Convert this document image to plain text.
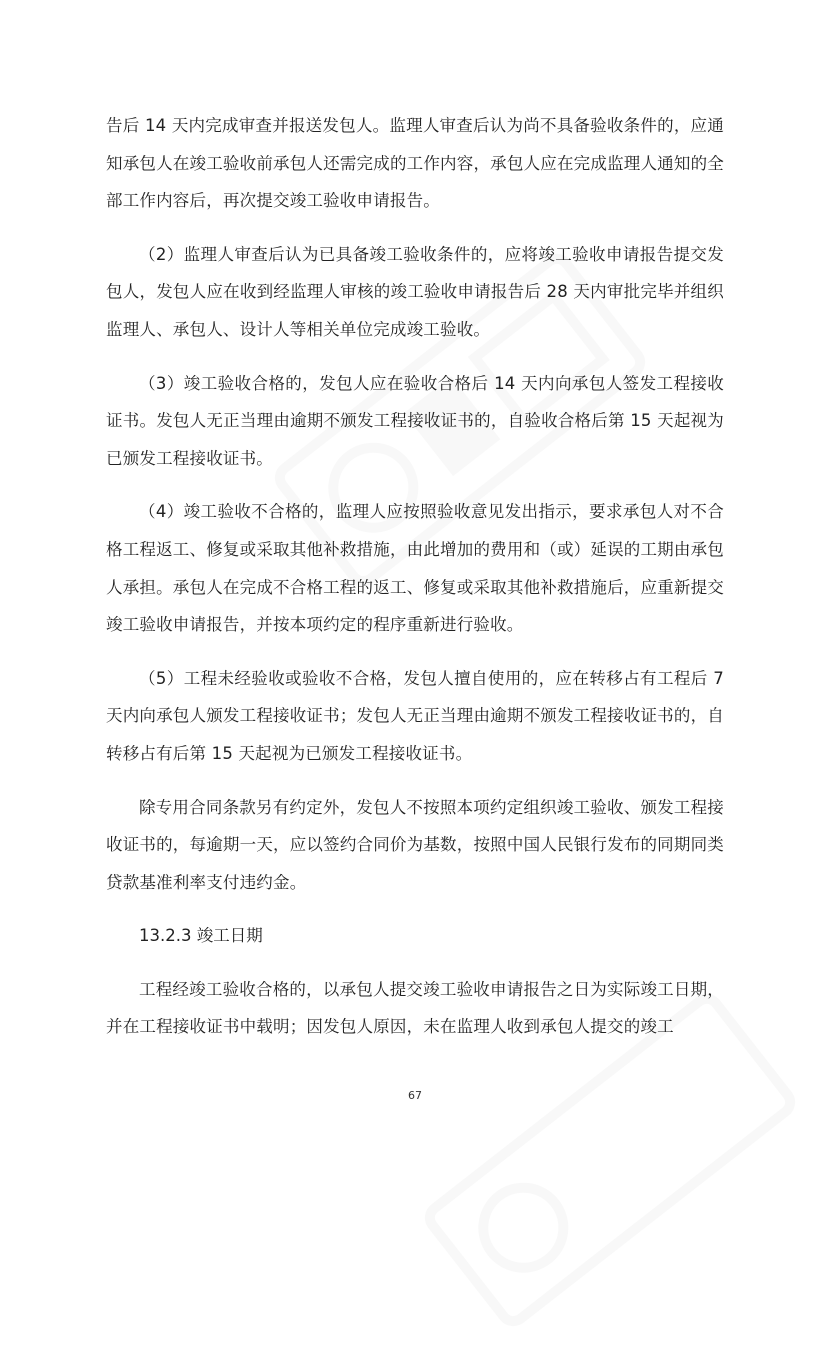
告后 14 天内完成审查并报送发包人。监理人审查后认为尚不具备验收条件的，应通知承包人在竣工验收前承包人还需完成的工作内容，承包人应在完成监理人通知的全部工作内容后，再次提交竣工验收申请报告。

（2）监理人审查后认为已具备竣工验收条件的，应将竣工验收申请报告提交发包人，发包人应在收到经监理人审核的竣工验收申请报告后 28 天内审批完毕并组织监理人、承包人、设计人等相关单位完成竣工验收。

（3）竣工验收合格的，发包人应在验收合格后 14 天内向承包人签发工程接收证书。发包人无正当理由逾期不颁发工程接收证书的，自验收合格后第 15 天起视为已颁发工程接收证书。

（4）竣工验收不合格的，监理人应按照验收意见发出指示，要求承包人对不合格工程返工、修复或采取其他补救措施，由此增加的费用和（或）延误的工期由承包人承担。承包人在完成不合格工程的返工、修复或采取其他补救措施后，应重新提交竣工验收申请报告，并按本项约定的程序重新进行验收。

（5）工程未经验收或验收不合格，发包人擅自使用的，应在转移占有工程后 7 天内向承包人颁发工程接收证书；发包人无正当理由逾期不颁发工程接收证书的，自转移占有后第 15 天起视为已颁发工程接收证书。

除专用合同条款另有约定外，发包人不按照本项约定组织竣工验收、颁发工程接收证书的，每逾期一天，应以签约合同价为基数，按照中国人民银行发布的同期同类贷款基准利率支付违约金。

13.2.3 竣工日期

工程经竣工验收合格的，以承包人提交竣工验收申请报告之日为实际竣工日期，并在工程接收证书中载明；因发包人原因，未在监理人收到承包人提交的竣工

67
